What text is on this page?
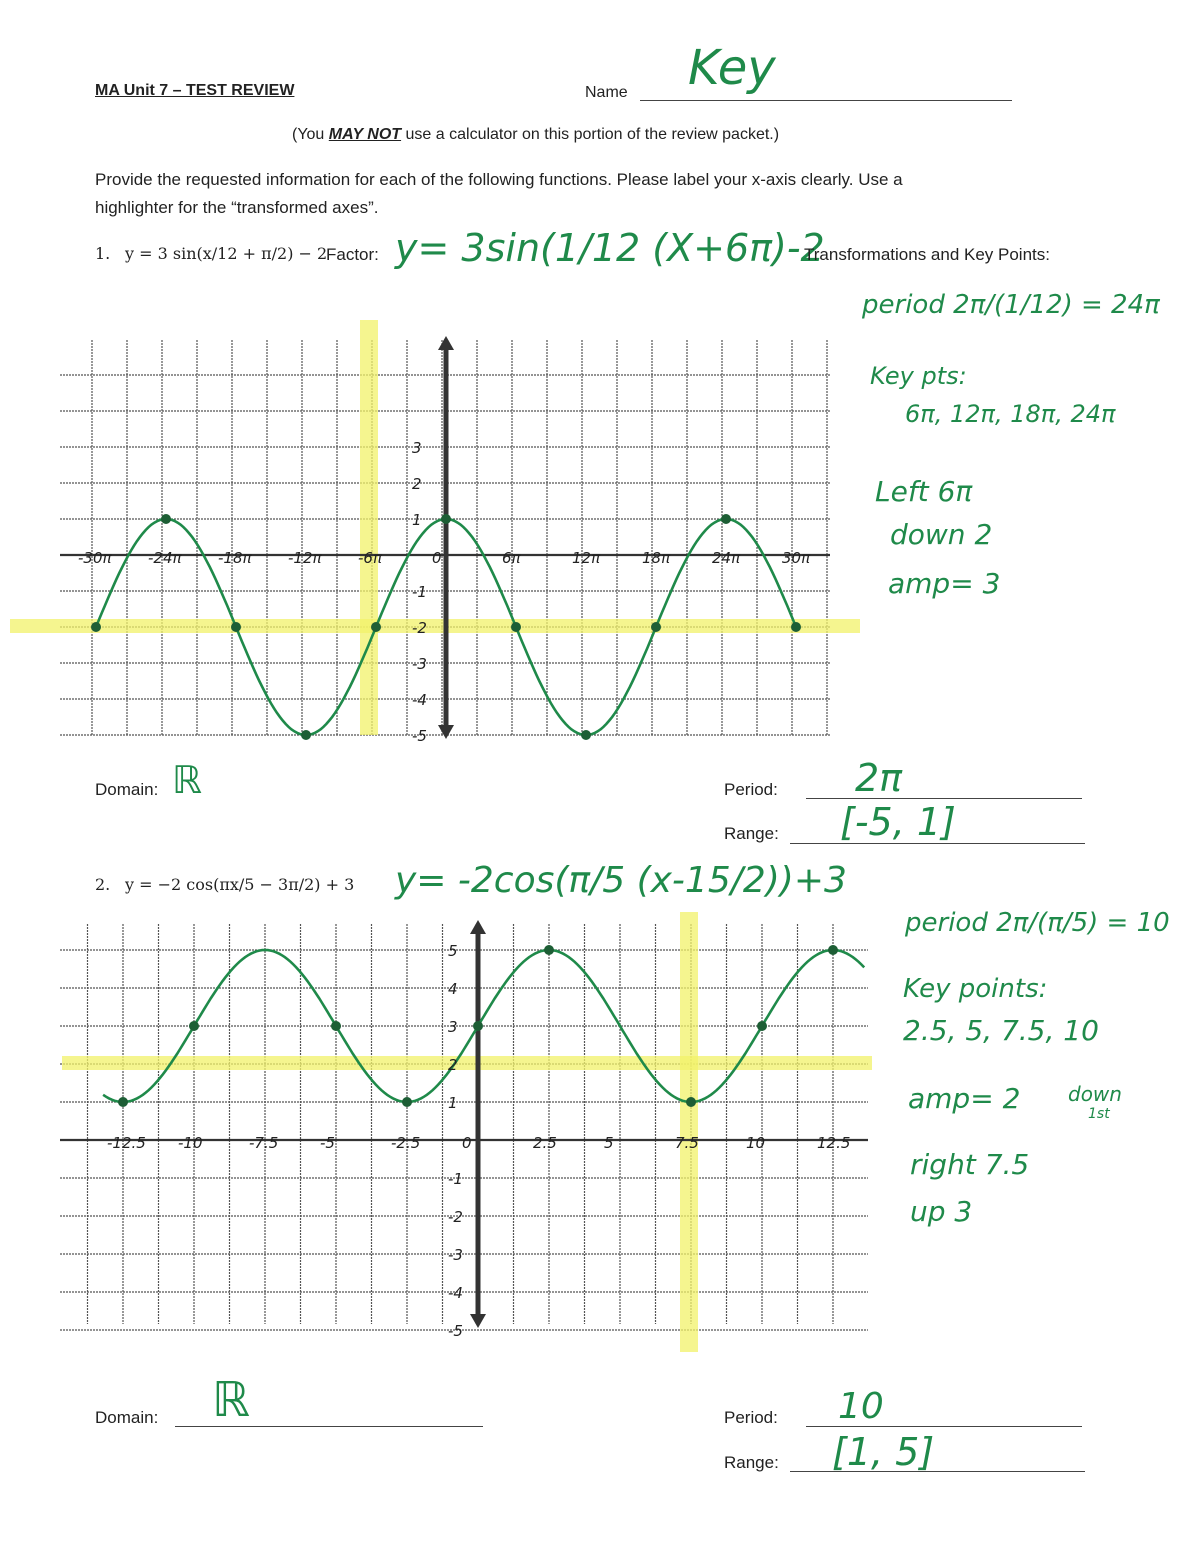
MA Unit 7 – TEST REVIEW	Name Key
(You MAY NOT use a calculator on this portion of the review packet.)
Provide the requested information for each of the following functions. Please label your x-axis clearly. Use a
highlighter for the “transformed axes”.
1. y = 3 sin(x/12 + π/2) − 2
Factor: y= 3sin(1/12 (X+6π)-2
Transformations and Key Points:
period 2π/(1/12) = 24π
Key pts:
6π, 12π, 18π, 24π
Left 6π
down 2
amp= 3
-30π -24π -18π -12π -6π	0	6π	12π	18π	24π	30π
3
2
1
-1
-2
-3
-4
-5
Domain: ℝ	Period: 2π
Range: [-5, 1]
2. y = −2 cos(πx/5 − 3π/2) + 3 y= -2cos(π/5 (x-15/2))+3
period 2π/(π/5) = 10
Key points:
2.5, 5, 7.5, 10
amp= 2 down
1st
right 7.5
up 3
-12.5 -10	-7.5	-5	-2.5	0	2.5	5	7.5	10	12.5
5
4
3
2
1
-1
-2
-3
-4
-5
Domain: ℝ	Period: 10
Range: [1, 5]
